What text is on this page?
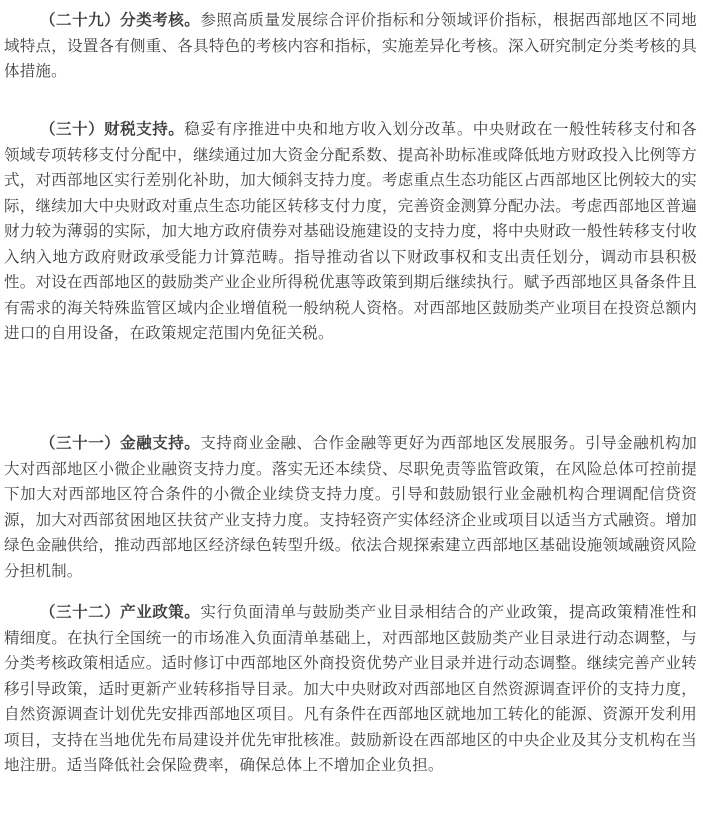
（二十九）分类考核。参照高质量发展综合评价指标和分领域评价指标，根据西部地区不同地域特点，设置各有侧重、各具特色的考核内容和指标，实施差异化考核。深入研究制定分类考核的具体措施。

（三十）财税支持。稳妥有序推进中央和地方收入划分改革。中央财政在一般性转移支付和各领域专项转移支付分配中，继续通过加大资金分配系数、提高补助标准或降低地方财政投入比例等方式，对西部地区实行差别化补助，加大倾斜支持力度。考虑重点生态功能区占西部地区比例较大的实际，继续加大中央财政对重点生态功能区转移支付力度，完善资金测算分配办法。考虑西部地区普遍财力较为薄弱的实际，加大地方政府债券对基础设施建设的支持力度，将中央财政一般性转移支付收入纳入地方政府财政承受能力计算范畴。指导推动省以下财政事权和支出责任划分，调动市县积极性。对设在西部地区的鼓励类产业企业所得税优惠等政策到期后继续执行。赋予西部地区具备条件且有需求的海关特殊监管区域内企业增值税一般纳税人资格。对西部地区鼓励类产业项目在投资总额内进口的自用设备，在政策规定范围内免征关税。

（三十一）金融支持。支持商业金融、合作金融等更好为西部地区发展服务。引导金融机构加大对西部地区小微企业融资支持力度。落实无还本续贷、尽职免责等监管政策，在风险总体可控前提下加大对西部地区符合条件的小微企业续贷支持力度。引导和鼓励银行业金融机构合理调配信贷资源，加大对西部贫困地区扶贫产业支持力度。支持轻资产实体经济企业或项目以适当方式融资。增加绿色金融供给，推动西部地区经济绿色转型升级。依法合规探索建立西部地区基础设施领域融资风险分担机制。

（三十二）产业政策。实行负面清单与鼓励类产业目录相结合的产业政策，提高政策精准性和精细度。在执行全国统一的市场准入负面清单基础上，对西部地区鼓励类产业目录进行动态调整，与分类考核政策相适应。适时修订中西部地区外商投资优势产业目录并进行动态调整。继续完善产业转移引导政策，适时更新产业转移指导目录。加大中央财政对西部地区自然资源调查评价的支持力度，自然资源调查计划优先安排西部地区项目。凡有条件在西部地区就地加工转化的能源、资源开发利用项目，支持在当地优先布局建设并优先审批核准。鼓励新设在西部地区的中央企业及其分支机构在当地注册。适当降低社会保险费率，确保总体上不增加企业负担。
